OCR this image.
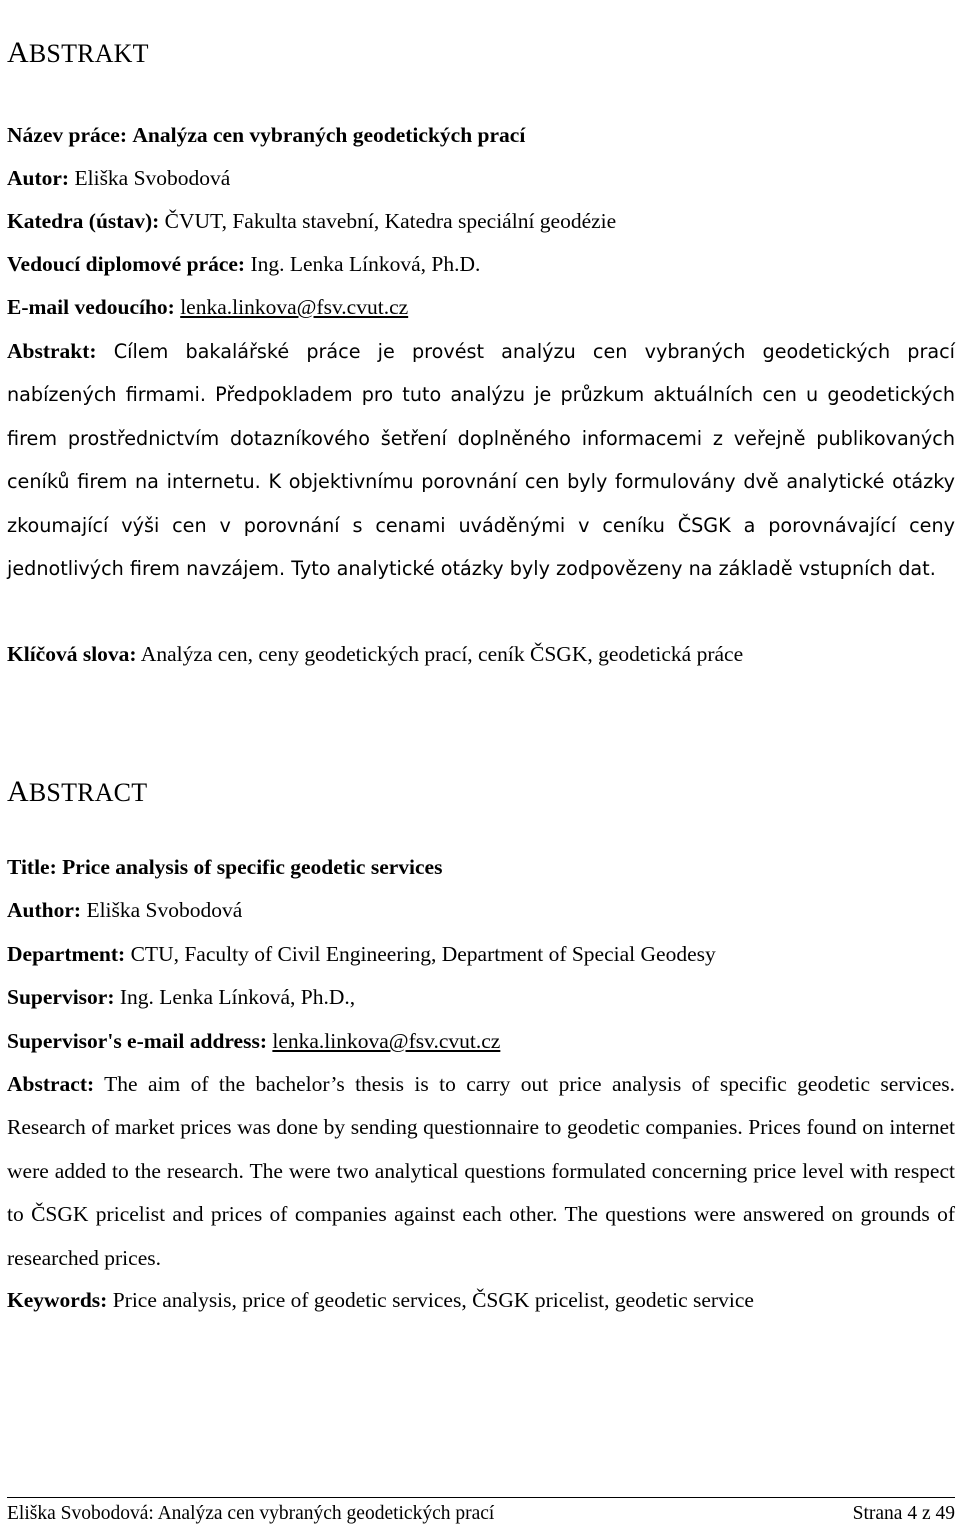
ABSTRAKT
Název práce: Analýza cen vybraných geodetických prací
Autor: Eliška Svobodová
Katedra (ústav): ČVUT, Fakulta stavební, Katedra speciální geodézie
Vedoucí diplomové práce: Ing. Lenka Línková, Ph.D.
E-mail vedoucího: lenka.linkova@fsv.cvut.cz
Abstrakt: Cílem bakalářské práce je provést analýzu cen vybraných geodetických prací nabízených firmami. Předpokladem pro tuto analýzu je průzkum aktuálních cen u geodetických firem prostřednictvím dotazníkového šetření doplněného informacemi z veřejně publikovaných ceníků firem na internetu. K objektivnímu porovnání cen byly formulovány dvě analytické otázky zkoumající výši cen v porovnání s cenami uváděnými v ceníku ČSGK a porovnávající ceny jednotlivých firem navzájem. Tyto analytické otázky byly zodpovězeny na základě vstupních dat.
Klíčová slova: Analýza cen, ceny geodetických prací, ceník ČSGK, geodetická práce
ABSTRACT
Title: Price analysis of specific geodetic services
Author: Eliška Svobodová
Department: CTU, Faculty of Civil Engineering, Department of Special Geodesy
Supervisor: Ing. Lenka Línková, Ph.D.,
Supervisor's e-mail address: lenka.linkova@fsv.cvut.cz
Abstract: The aim of the bachelor’s thesis is to carry out price analysis of specific geodetic services. Research of market prices was done by sending questionnaire to geodetic companies. Prices found on internet were added to the research. The were two analytical questions formulated concerning price level with respect to ČSGK pricelist and prices of companies against each other. The questions were answered on grounds of researched prices.
Keywords: Price analysis, price of geodetic services, ČSGK pricelist, geodetic service
Eliška Svobodová: Analýza cen vybraných geodetických prací	Strana 4 z 49
